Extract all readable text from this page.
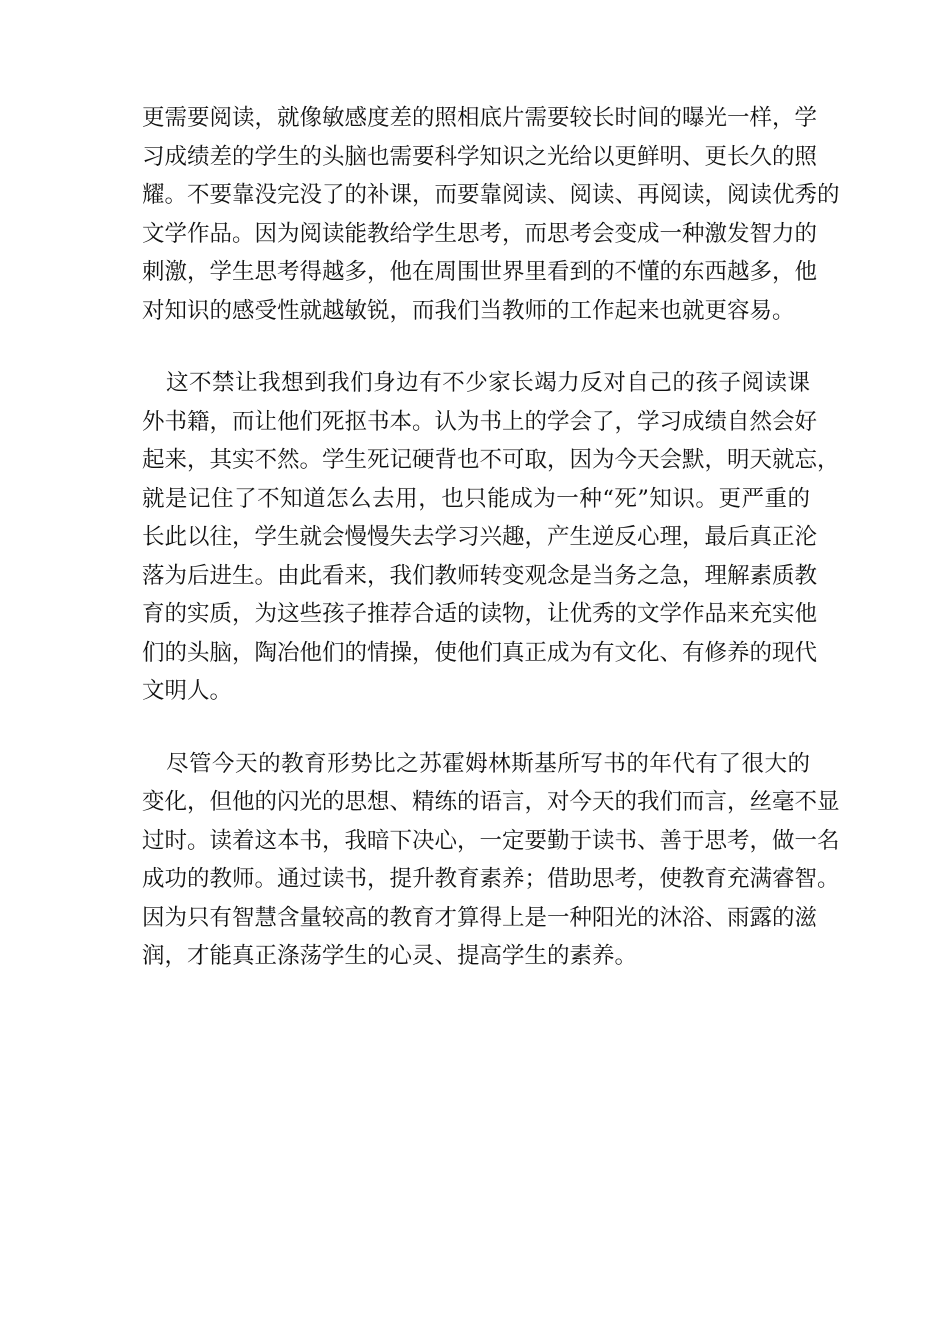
更需要阅读，就像敏感度差的照相底片需要较长时间的曝光一样，学
习成绩差的学生的头脑也需要科学知识之光给以更鲜明、更长久的照
耀。不要靠没完没了的补课，而要靠阅读、阅读、再阅读，阅读优秀的
文学作品。因为阅读能教给学生思考，而思考会变成一种激发智力的
刺激，学生思考得越多，他在周围世界里看到的不懂的东西越多，他
对知识的感受性就越敏锐，而我们当教师的工作起来也就更容易。

这不禁让我想到我们身边有不少家长竭力反对自己的孩子阅读课
外书籍，而让他们死抠书本。认为书上的学会了，学习成绩自然会好
起来，其实不然。学生死记硬背也不可取，因为今天会默，明天就忘，
就是记住了不知道怎么去用，也只能成为一种“死”知识。更严重的
长此以往，学生就会慢慢失去学习兴趣，产生逆反心理，最后真正沦
落为后进生。由此看来，我们教师转变观念是当务之急，理解素质教
育的实质，为这些孩子推荐合适的读物，让优秀的文学作品来充实他
们的头脑，陶冶他们的情操，使他们真正成为有文化、有修养的现代
文明人。

尽管今天的教育形势比之苏霍姆林斯基所写书的年代有了很大的
变化，但他的闪光的思想、精练的语言，对今天的我们而言，丝毫不显
过时。读着这本书，我暗下决心，一定要勤于读书、善于思考，做一名
成功的教师。通过读书，提升教育素养；借助思考，使教育充满睿智。
因为只有智慧含量较高的教育才算得上是一种阳光的沐浴、雨露的滋
润，才能真正涤荡学生的心灵、提高学生的素养。
